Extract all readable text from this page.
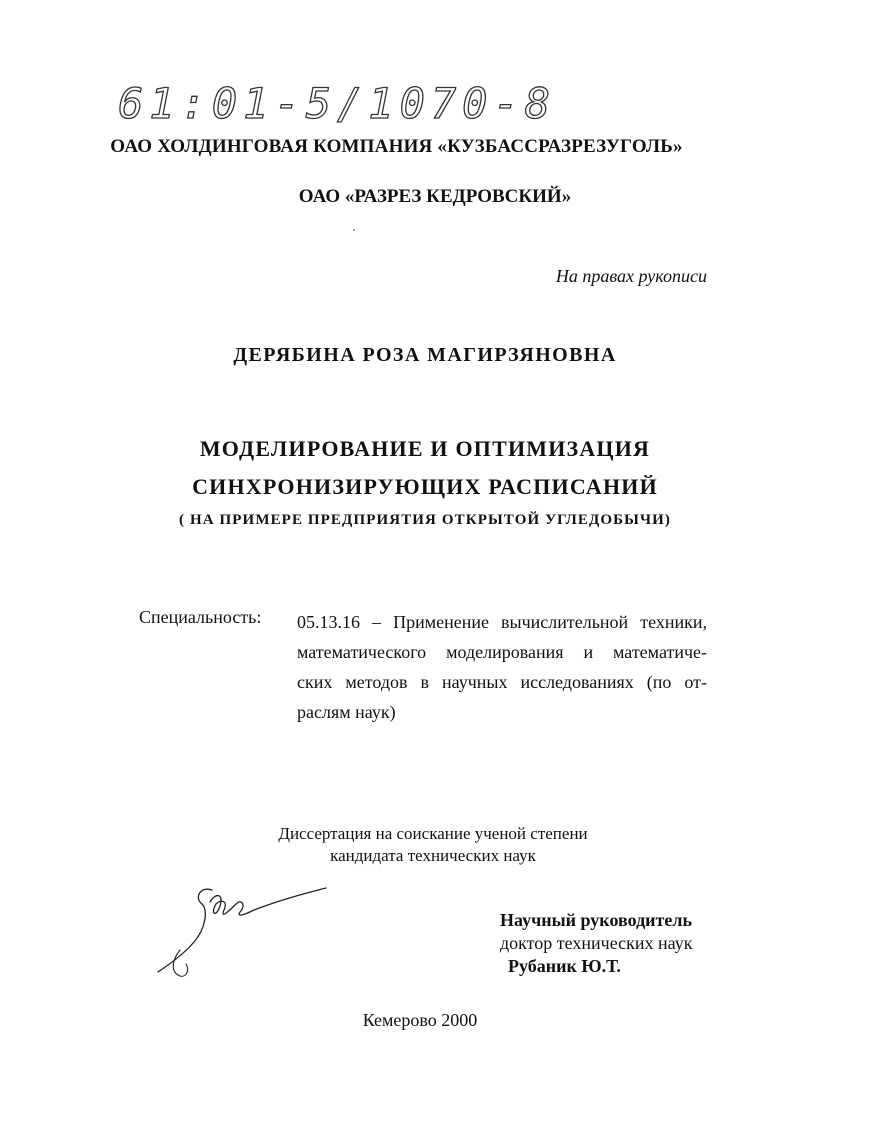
61:01-5/1070-8
ОАО ХОЛДИНГОВАЯ КОМПАНИЯ «КУЗБАССРАЗРЕЗУГОЛЬ»
ОАО «РАЗРЕЗ КЕДРОВСКИЙ»
На правах рукописи
ДЕРЯБИНА РОЗА МАГИРЗЯНОВНА
МОДЕЛИРОВАНИЕ И ОПТИМИЗАЦИЯ
СИНХРОНИЗИРУЮЩИХ РАСПИСАНИЙ
( НА ПРИМЕРЕ ПРЕДПРИЯТИЯ ОТКРЫТОЙ УГЛЕДОБЫЧИ)
Специальность: 05.13.16 – Применение вычислительной техники,
математического моделирования и математиче-
ских методов в научных исследованиях (по от-
раслям наук)
Диссертация на соискание ученой степени
кандидата технических наук
Научный руководитель
доктор технических наук
Рубаник Ю.Т.
Кемерово 2000
